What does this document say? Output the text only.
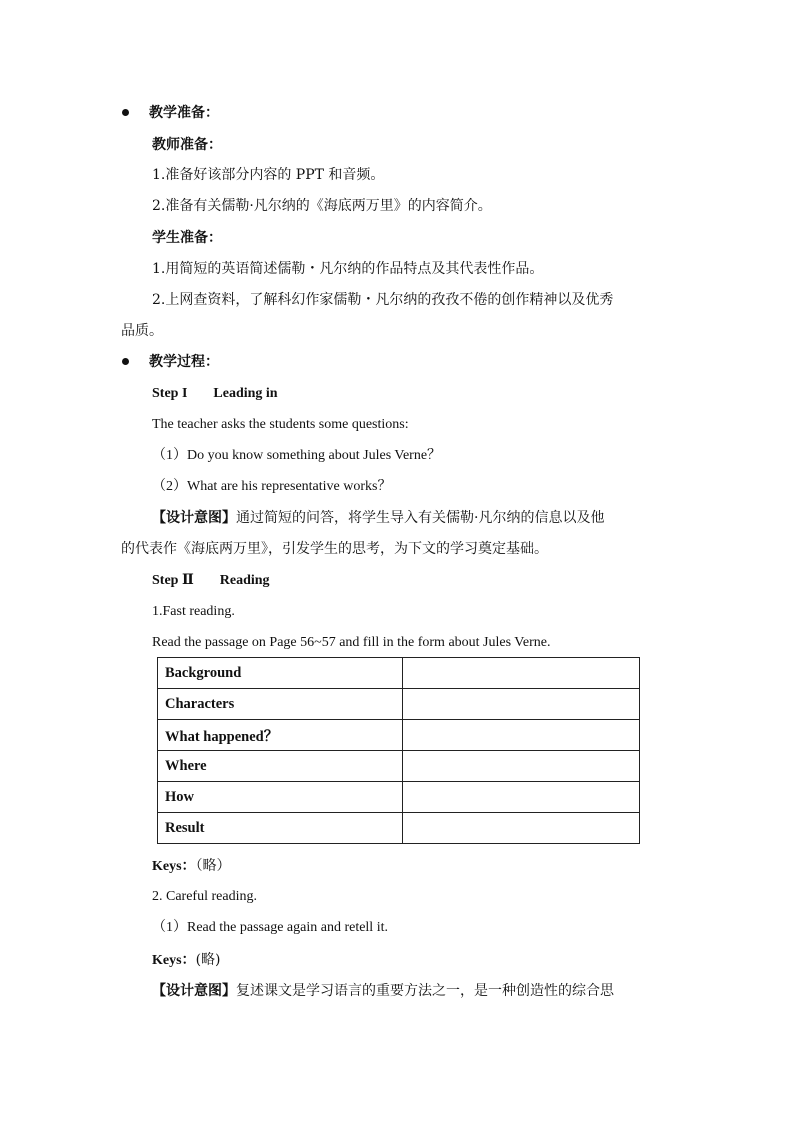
教学准备：
教师准备：
1.准备好该部分内容的 PPT 和音频。
2.准备有关儒勒·凡尔纳的《海底两万里》的内容简介。
学生准备：
1.用简短的英语简述儒勒・凡尔纳的作品特点及其代表性作品。
2.上网查资料，了解科幻作家儒勒・凡尔纳的孜孜不倦的创作精神以及优秀
品质。
教学过程：
Step I Leading in
The teacher asks the students some questions:
（1）Do you know something about Jules Verne？
（2）What are his representative works？
【设计意图】通过简短的问答，将学生导入有关儒勒·凡尔纳的信息以及他
的代表作《海底两万里》，引发学生的思考，为下文的学习奠定基础。
Step Ⅱ Reading
1.Fast reading.
Read the passage on Page 56~57 and fill in the form about Jules Verne.
Background	
Characters	
What happened？	
Where	
How	
Result	
Keys：（略）
2. Careful reading.
（1）Read the passage again and retell it.
Keys：(略)
【设计意图】复述课文是学习语言的重要方法之一，是一种创造性的综合思
